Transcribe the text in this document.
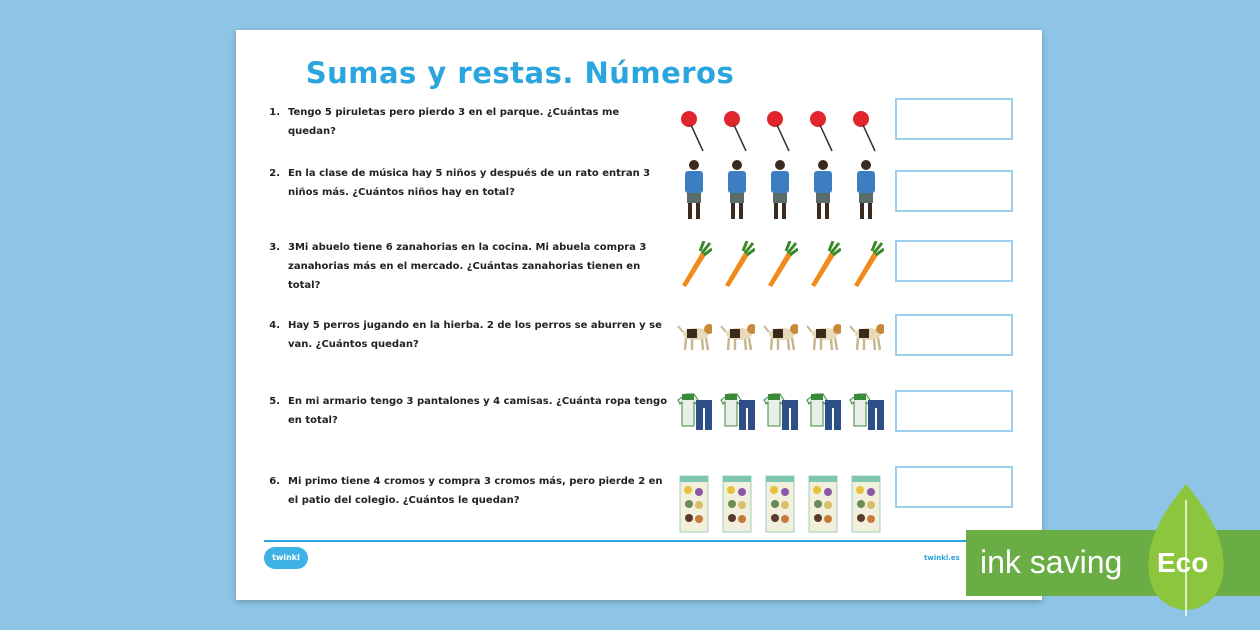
Sumas y restas. Números
1. Tengo 5 piruletas pero pierdo 3 en el parque. ¿Cuántas me quedan?
2. En la clase de música hay 5 niños y después de un rato entran 3 niños más. ¿Cuántos niños hay en total?
3. 3Mi abuelo tiene 6 zanahorias en la cocina. Mi abuela compra 3 zanahorias más en el mercado. ¿Cuántas zanahorias tienen en total?
4. Hay 5 perros jugando en la hierba. 2 de los perros se aburren y se van. ¿Cuántos quedan?
5. En mi armario tengo 3 pantalones y 4 camisas. ¿Cuánta ropa tengo en total?
6. Mi primo tiene 4 cromos y compra 3 cromos más, pero pierde 2 en el patio del colegio. ¿Cuántos le quedan?
twinkl	twinkl.es ink saving Eco
